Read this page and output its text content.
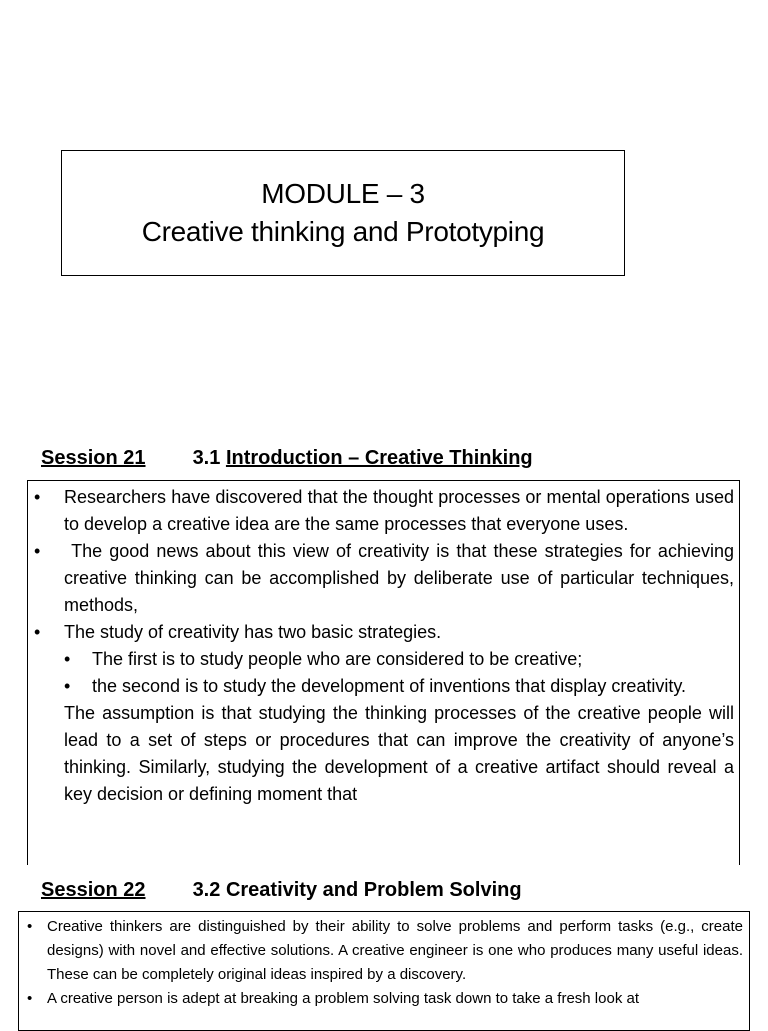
MODULE – 3
Creative thinking and Prototyping
Session 21 3.1 Introduction – Creative Thinking
• Researchers have discovered that the thought processes or mental operations used to develop a creative idea are the same processes that everyone uses.
• The good news about this view of creativity is that these strategies for achieving creative thinking can be accomplished by deliberate use of particular techniques, methods,
• The study of creativity has two basic strategies.
• The first is to study people who are considered to be creative;
• the second is to study the development of inventions that display creativity.
The assumption is that studying the thinking processes of the creative people will lead to a set of steps or procedures that can improve the creativity of anyone’s thinking. Similarly, studying the development of a creative artifact should reveal a key decision or defining moment that
Session 22 3.2 Creativity and Problem Solving
• Creative thinkers are distinguished by their ability to solve problems and perform tasks (e.g., create designs) with novel and effective solutions. A creative engineer is one who produces many useful ideas. These can be completely original ideas inspired by a discovery.
• A creative person is adept at breaking a problem solving task down to take a fresh look at
